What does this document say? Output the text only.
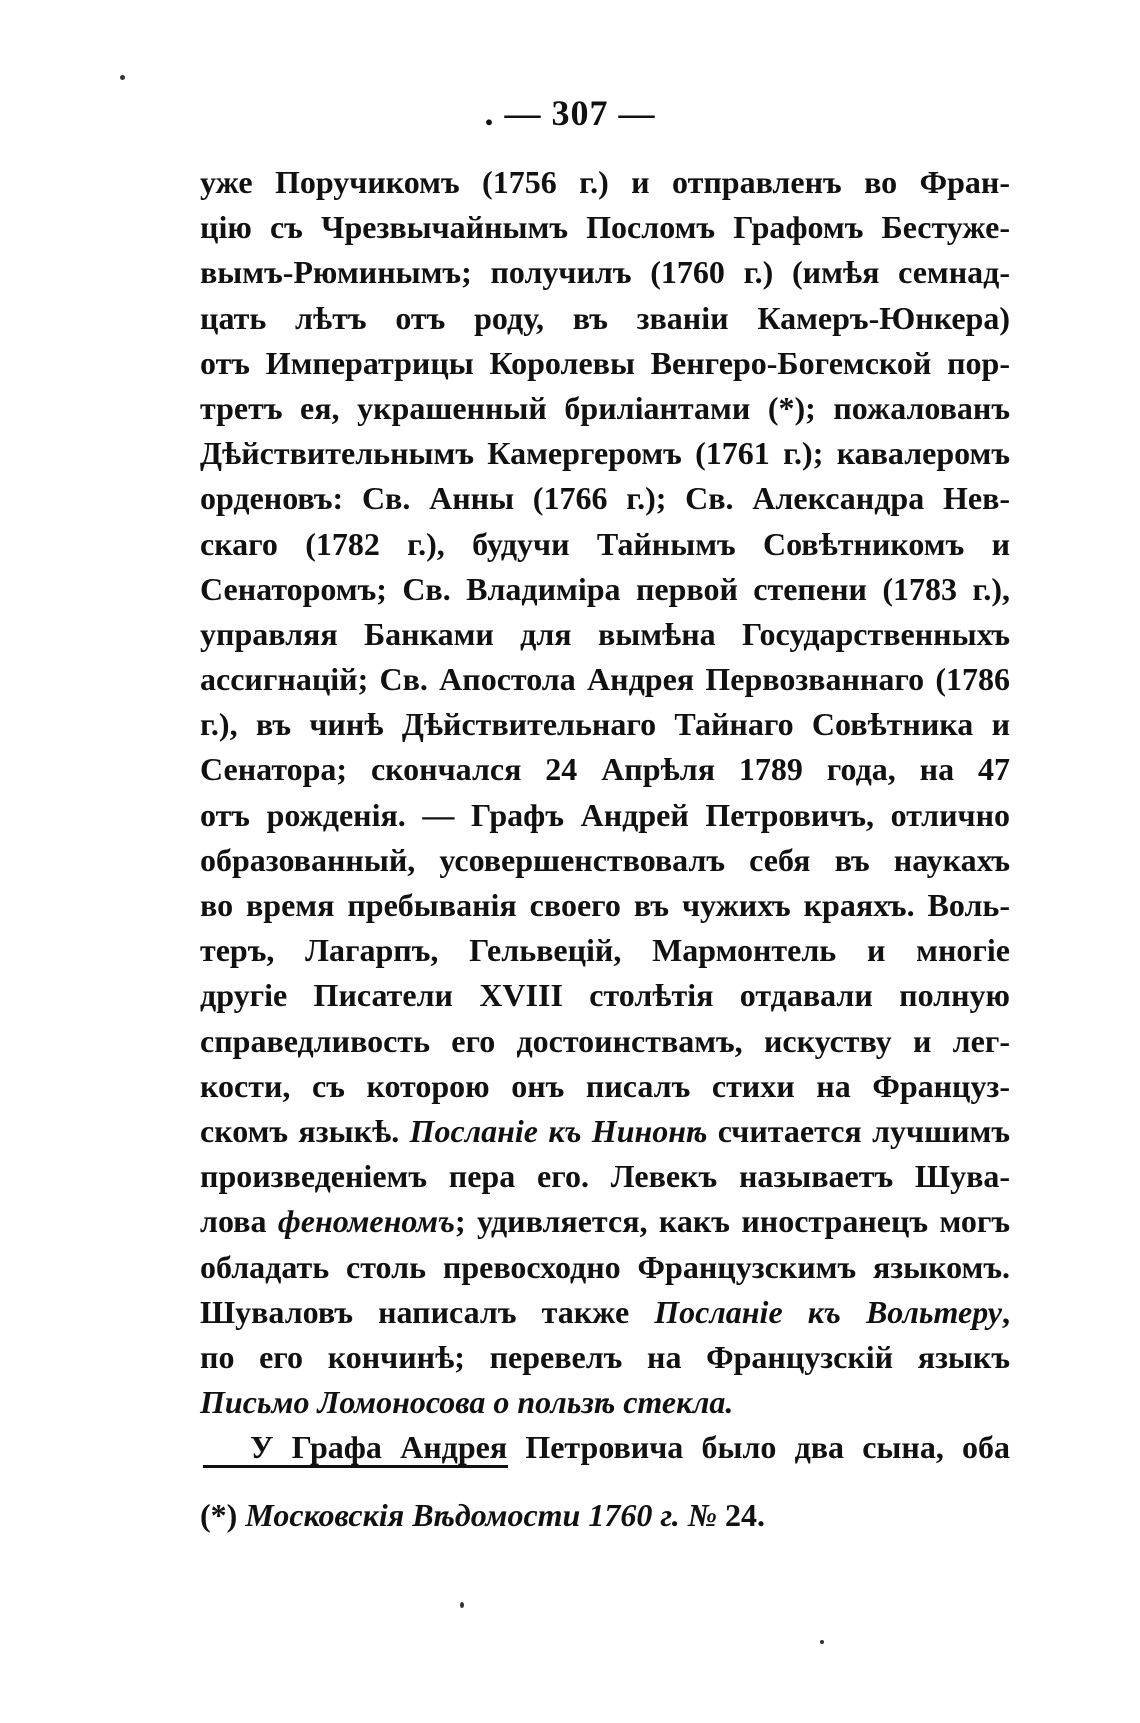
. — 307 —
уже Поручикомъ (1756 г.) и отправленъ во Фран-
цію съ Чрезвычайнымъ Посломъ Графомъ Бестуже-
вымъ-Рюминымъ; получилъ (1760 г.) (имѣя семнад-
цать лѣтъ отъ роду, въ званіи Камеръ-Юнкера)
отъ Императрицы Королевы Венгеро-Богемской пор-
третъ ея, украшенный бриліантами (*); пожалованъ
Дѣйствительнымъ Камергеромъ (1761 г.); кавалеромъ
орденовъ: Св. Анны (1766 г.); Св. Александра Нев-
скаго (1782 г.), будучи Тайнымъ Совѣтникомъ и
Сенаторомъ; Св. Владиміра первой степени (1783 г.),
управляя Банками для вымѣна Государственныхъ
ассигнацій; Св. Апостола Андрея Первозваннаго (1786
г.), въ чинѣ Дѣйствительнаго Тайнаго Совѣтника и
Сенатора; скончался 24 Апрѣля 1789 года, на 47
отъ рожденія. — Графъ Андрей Петровичъ, отлично
образованный, усовершенствовалъ себя въ наукахъ
во время пребыванія своего въ чужихъ краяхъ. Воль-
теръ, Лагарпъ, Гельвецій, Мармонтель и многіе
другіе Писатели XVIII столѣтія отдавали полную
справедливость его достоинствамъ, искуству и лег-
кости, съ которою онъ писалъ стихи на Француз-
скомъ языкѣ. Посланіе къ Нинонѣ считается лучшимъ
произведеніемъ пера его. Левекъ называетъ Шува-
лова феноменомъ; удивляется, какъ иностранецъ могъ
обладать столь превосходно Французскимъ языкомъ.
Шуваловъ написалъ также Посланіе къ Вольтеру,
по его кончинѣ; перевелъ на Французскій языкъ
Письмо Ломоносова о пользѣ стекла.
У Графа Андрея Петровича было два сына, оба
(*) Московскія Вѣдомости 1760 г. № 24.
